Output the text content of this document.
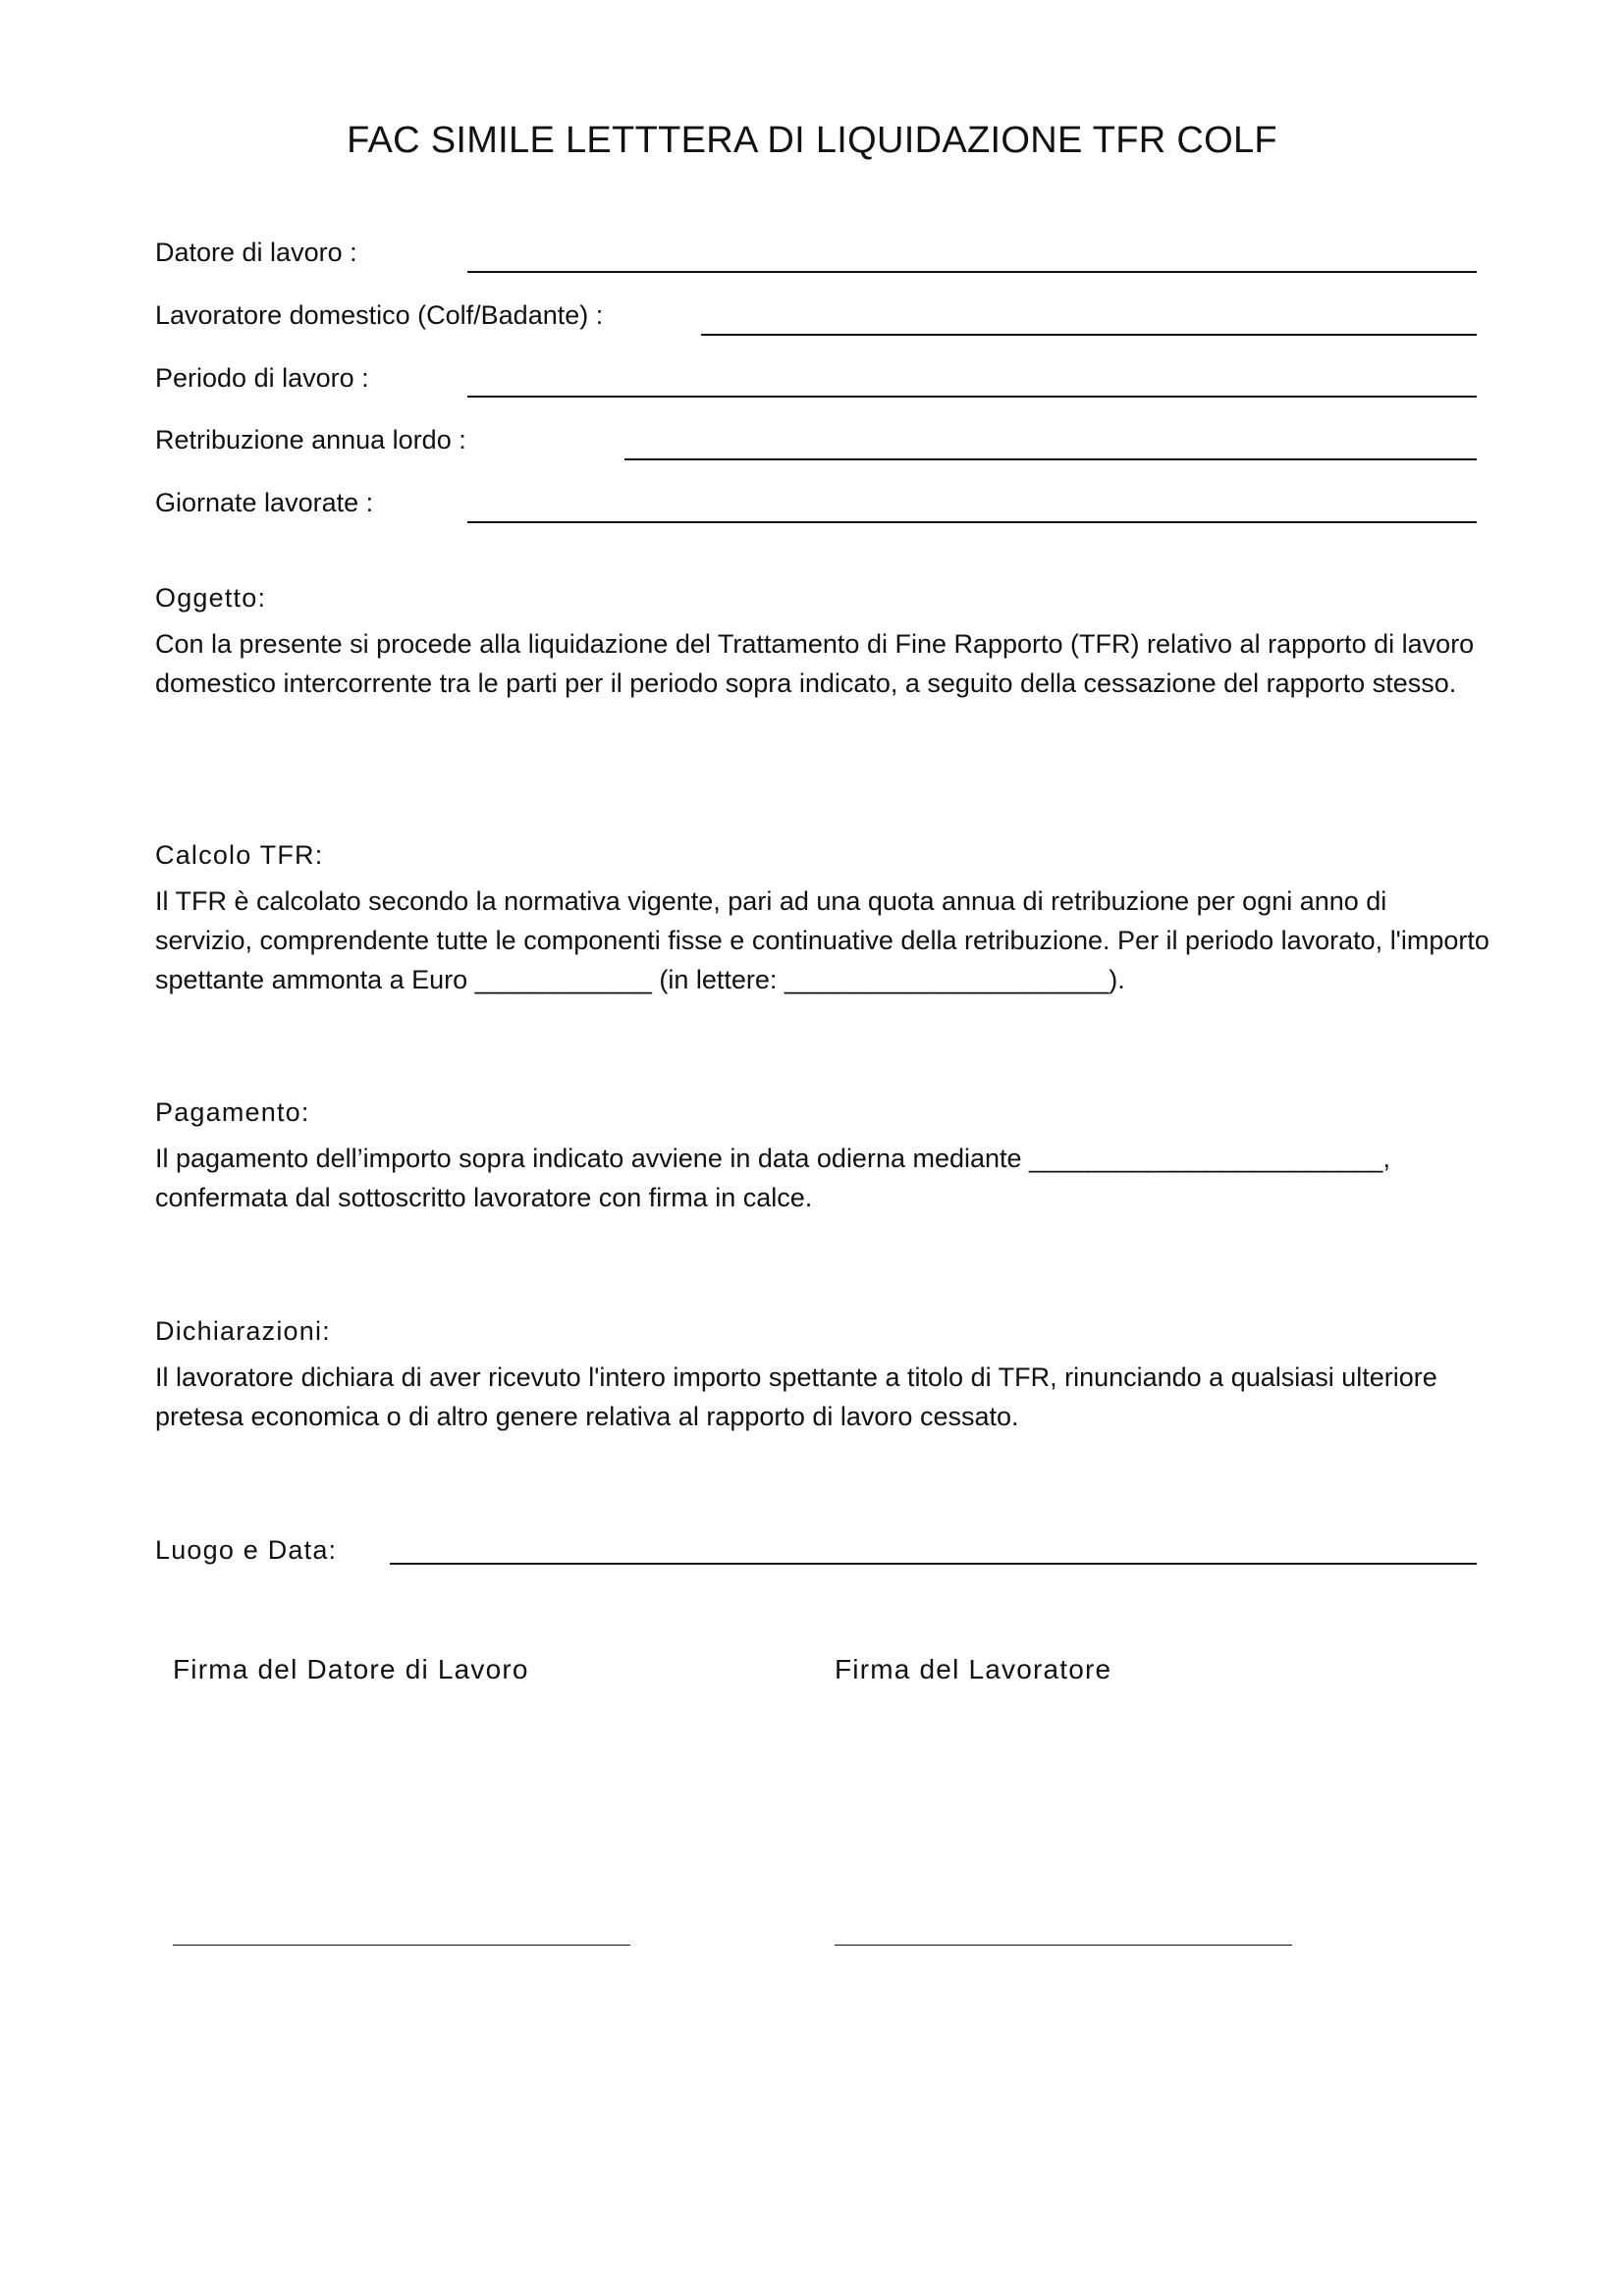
FAC SIMILE LETTTERA DI LIQUIDAZIONE TFR COLF
Datore di lavoro :
Lavoratore domestico (Colf/Badante) :
Periodo di lavoro :
Retribuzione annua lordo :
Giornate lavorate :
Oggetto:

Con la presente si procede alla liquidazione del Trattamento di Fine Rapporto (TFR) relativo al rapporto di lavoro domestico intercorrente tra le parti per il periodo sopra indicato, a seguito della cessazione del rapporto stesso.

Calcolo TFR:

Il TFR è calcolato secondo la normativa vigente, pari ad una quota annua di retribuzione per ogni anno di servizio, comprendente tutte le componenti fisse e continuative della retribuzione. Per il periodo lavorato, l'importo spettante ammonta a Euro ____________ (in lettere: ______________________).

Pagamento:

Il pagamento dell’importo sopra indicato avviene in data odierna mediante ________________________, confermata dal sottoscritto lavoratore con firma in calce.

Dichiarazioni:

Il lavoratore dichiara di aver ricevuto l'intero importo spettante a titolo di TFR, rinunciando a qualsiasi ulteriore pretesa economica o di altro genere relativa al rapporto di lavoro cessato.

Luogo e Data:
Firma del Datore di Lavoro	Firma del Lavoratore
